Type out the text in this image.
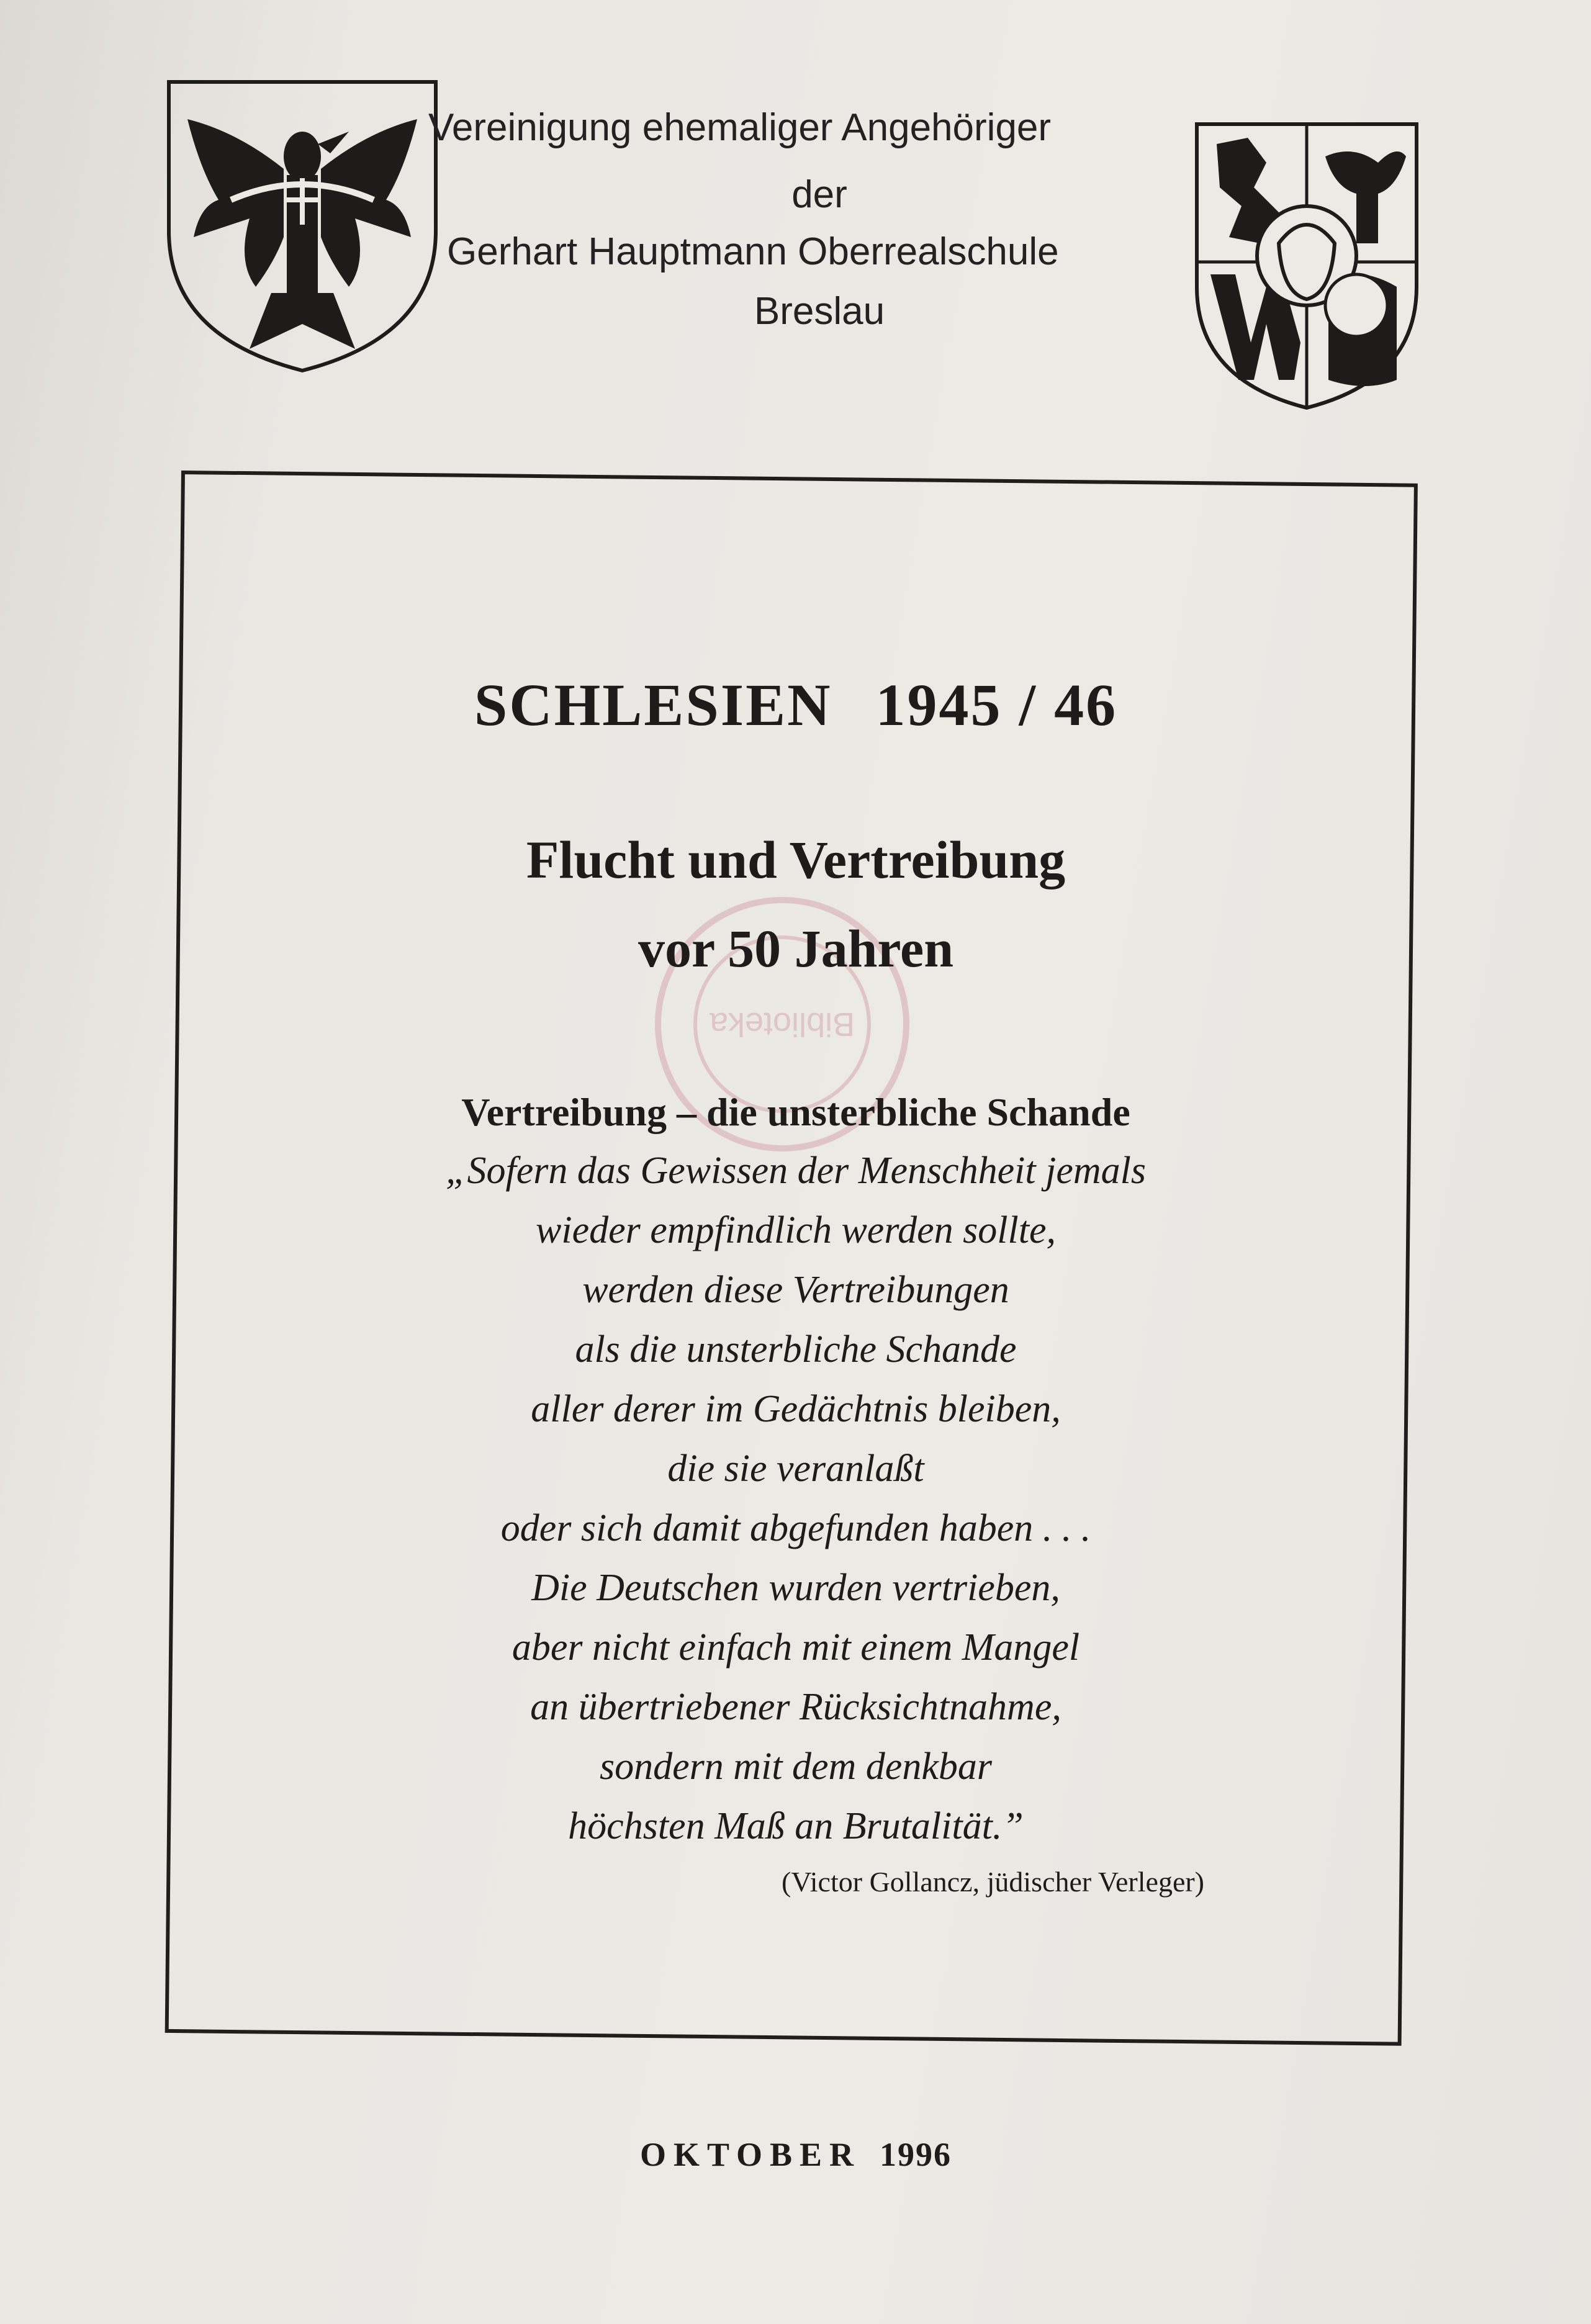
Vereinigung ehemaliger Angehöriger
der
Gerhart Hauptmann Oberrealschule
Breslau
Biblioteka
SCHLESIEN 1945 / 46
Flucht und Vertreibung
vor 50 Jahren
Vertreibung – die unsterbliche Schande
„Sofern das Gewissen der Menschheit jemals
wieder empfindlich werden sollte,
werden diese Vertreibungen
als die unsterbliche Schande
aller derer im Gedächtnis bleiben,
die sie veranlaßt
oder sich damit abgefunden haben . . .
Die Deutschen wurden vertrieben,
aber nicht einfach mit einem Mangel
an übertriebener Rücksichtnahme,
sondern mit dem denkbar
höchsten Maß an Brutalität.”
(Victor Gollancz, jüdischer Verleger)
OKTOBER 1996
